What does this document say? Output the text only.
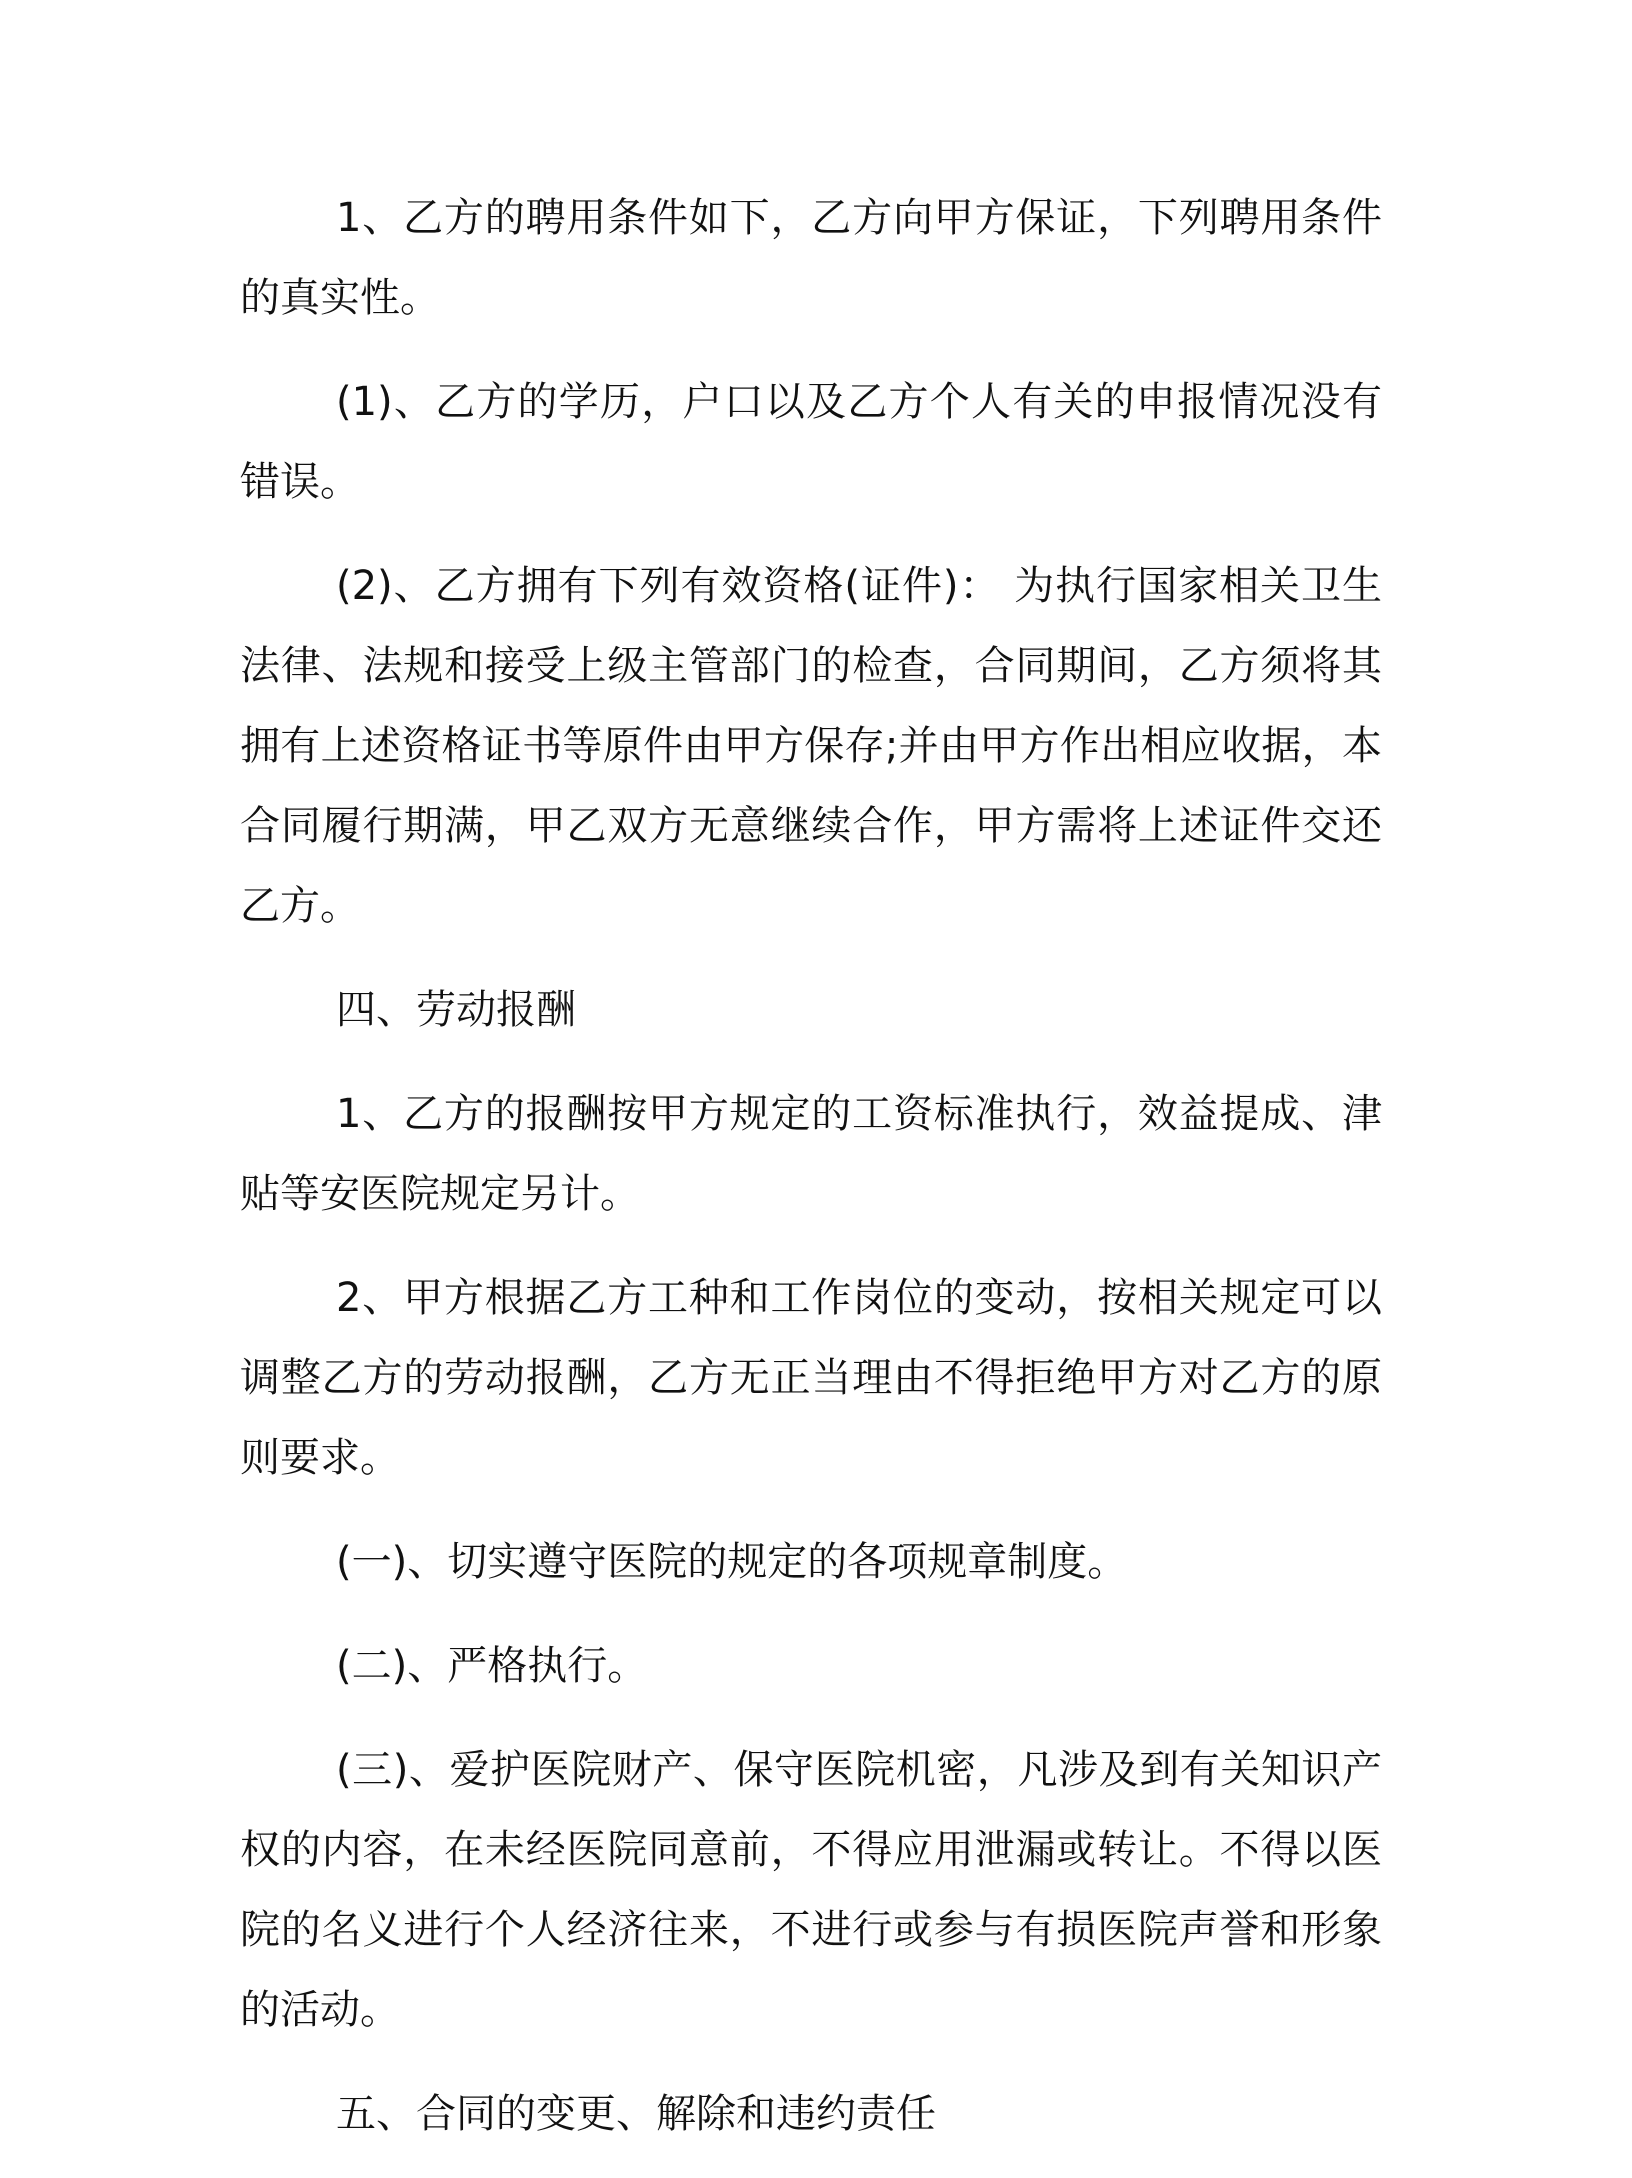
1、乙方的聘用条件如下，乙方向甲方保证，下列聘用条件的真实性。

(1)、乙方的学历，户口以及乙方个人有关的申报情况没有错误。

(2)、乙方拥有下列有效资格(证件)： 为执行国家相关卫生法律、法规和接受上级主管部门的检查，合同期间，乙方须将其拥有上述资格证书等原件由甲方保存;并由甲方作出相应收据，本合同履行期满，甲乙双方无意继续合作，甲方需将上述证件交还乙方。

四、劳动报酬

1、乙方的报酬按甲方规定的工资标准执行，效益提成、津贴等安医院规定另计。

2、甲方根据乙方工种和工作岗位的变动，按相关规定可以调整乙方的劳动报酬，乙方无正当理由不得拒绝甲方对乙方的原则要求。

(一)、切实遵守医院的规定的各项规章制度。

(二)、严格执行。

(三)、爱护医院财产、保守医院机密，凡涉及到有关知识产权的内容，在未经医院同意前，不得应用泄漏或转让。不得以医院的名义进行个人经济往来，不进行或参与有损医院声誉和形象的活动。

五、合同的变更、解除和违约责任
